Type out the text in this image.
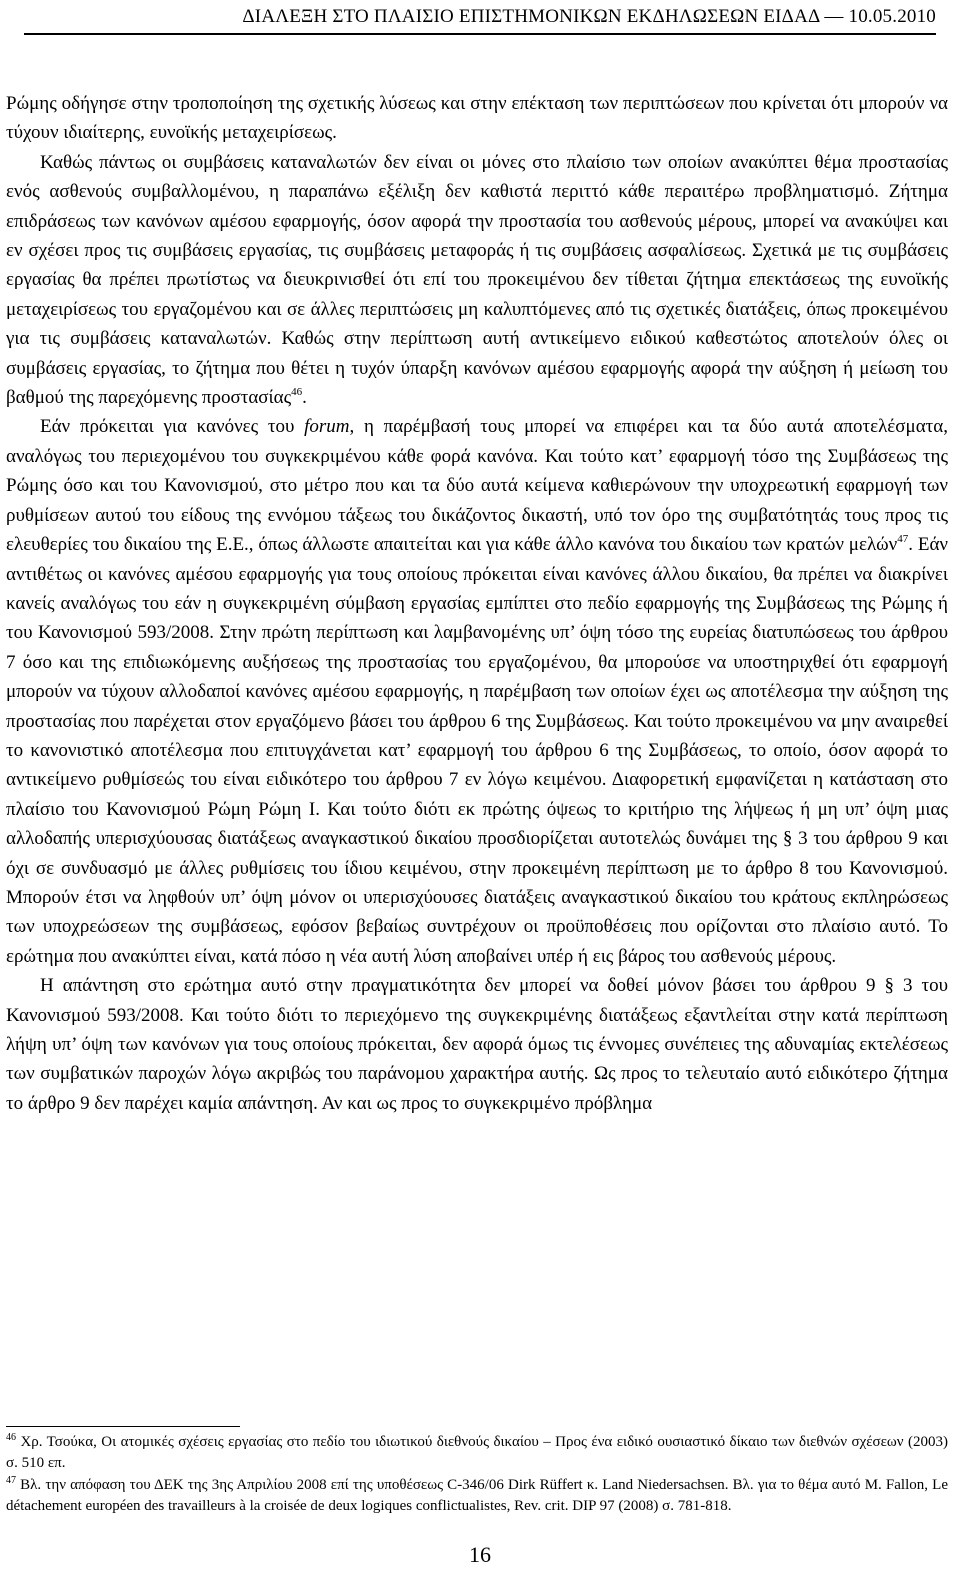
ΔΙΑΛΕΞΗ ΣΤΟ ΠΛΑΙΣΙΟ ΕΠΙΣΤΗΜΟΝΙΚΩΝ ΕΚΔΗΛΩΣΕΩΝ ΕΙΔΑΔ — 10.05.2010

Ρώμης οδήγησε στην τροποποίηση της σχετικής λύσεως και στην επέκταση των περιπτώσεων που κρίνεται ότι μπορούν να τύχουν ιδιαίτερης, ευνοϊκής μεταχειρίσεως.

Καθώς πάντως οι συμβάσεις καταναλωτών δεν είναι οι μόνες στο πλαίσιο των οποίων ανακύπτει θέμα προστασίας ενός ασθενούς συμβαλλομένου, η παραπάνω εξέλιξη δεν καθιστά περιττό κάθε περαιτέρω προβληματισμό. Ζήτημα επιδράσεως των κανόνων αμέσου εφαρμογής, όσον αφορά την προστασία του ασθενούς μέρους, μπορεί να ανακύψει και εν σχέσει προς τις συμβάσεις εργασίας, τις συμβάσεις μεταφοράς ή τις συμβάσεις ασφαλίσεως. Σχετικά με τις συμβάσεις εργασίας θα πρέπει πρωτίστως να διευκρινισθεί ότι επί του προκειμένου δεν τίθεται ζήτημα επεκτάσεως της ευνοϊκής μεταχειρίσεως του εργαζομένου και σε άλλες περιπτώσεις μη καλυπτόμενες από τις σχετικές διατάξεις, όπως προκειμένου για τις συμβάσεις καταναλωτών. Καθώς στην περίπτωση αυτή αντικείμενο ειδικού καθεστώτος αποτελούν όλες οι συμβάσεις εργασίας, το ζήτημα που θέτει η τυχόν ύπαρξη κανόνων αμέσου εφαρμογής αφορά την αύξηση ή μείωση του βαθμού της παρεχόμενης προστασίας$^{46}$.

Εάν πρόκειται για κανόνες του forum, η παρέμβασή τους μπορεί να επιφέρει και τα δύο αυτά αποτελέσματα, αναλόγως του περιεχομένου του συγκεκριμένου κάθε φορά κανόνα. Και τούτο κατ’ εφαρμογή τόσο της Συμβάσεως της Ρώμης όσο και του Κανονισμού, στο μέτρο που και τα δύο αυτά κείμενα καθιερώνουν την υποχρεωτική εφαρμογή των ρυθμίσεων αυτού του είδους της εννόμου τάξεως του δικάζοντος δικαστή, υπό τον όρο της συμβατότητάς τους προς τις ελευθερίες του δικαίου της Ε.Ε., όπως άλλωστε απαιτείται και για κάθε άλλο κανόνα του δικαίου των κρατών μελών$^{47}$. Εάν αντιθέτως οι κανόνες αμέσου εφαρμογής για τους οποίους πρόκειται είναι κανόνες άλλου δικαίου, θα πρέπει να διακρίνει κανείς αναλόγως του εάν η συγκεκριμένη σύμβαση εργασίας εμπίπτει στο πεδίο εφαρμογής της Συμβάσεως της Ρώμης ή του Κανονισμού 593/2008. Στην πρώτη περίπτωση και λαμβανομένης υπ’ όψη τόσο της ευρείας διατυπώσεως του άρθρου 7 όσο και της επιδιωκόμενης αυξήσεως της προστασίας του εργαζομένου, θα μπορούσε να υποστηριχθεί ότι εφαρμογή μπορούν να τύχουν αλλοδαποί κανόνες αμέσου εφαρμογής, η παρέμβαση των οποίων έχει ως αποτέλεσμα την αύξηση της προστασίας που παρέχεται στον εργαζόμενο βάσει του άρθρου 6 της Συμβάσεως. Και τούτο προκειμένου να μην αναιρεθεί το κανονιστικό αποτέλεσμα που επιτυγχάνεται κατ’ εφαρμογή του άρθρου 6 της Συμβάσεως, το οποίο, όσον αφορά το αντικείμενο ρυθμίσεώς του είναι ειδικότερο του άρθρου 7 εν λόγω κειμένου. Διαφορετική εμφανίζεται η κατάσταση στο πλαίσιο του Κανονισμού Ρώμη Ρώμη Ι. Και τούτο διότι εκ πρώτης όψεως το κριτήριο της λήψεως ή μη υπ’ όψη μιας αλλοδαπής υπερισχύουσας διατάξεως αναγκαστικού δικαίου προσδιορίζεται αυτοτελώς δυνάμει της § 3 του άρθρου 9 και όχι σε συνδυασμό με άλλες ρυθμίσεις του ίδιου κειμένου, στην προκειμένη περίπτωση με το άρθρο 8 του Κανονισμού. Μπορούν έτσι να ληφθούν υπ’ όψη μόνον οι υπερισχύουσες διατάξεις αναγκαστικού δικαίου του κράτους εκπληρώσεως των υποχρεώσεων της συμβάσεως, εφόσον βεβαίως συντρέχουν οι προϋποθέσεις που ορίζονται στο πλαίσιο αυτό. Το ερώτημα που ανακύπτει είναι, κατά πόσο η νέα αυτή λύση αποβαίνει υπέρ ή εις βάρος του ασθενούς μέρους.

Η απάντηση στο ερώτημα αυτό στην πραγματικότητα δεν μπορεί να δοθεί μόνον βάσει του άρθρου 9 § 3 του Κανονισμού 593/2008. Και τούτο διότι το περιεχόμενο της συγκεκριμένης διατάξεως εξαντλείται στην κατά περίπτωση λήψη υπ’ όψη των κανόνων για τους οποίους πρόκειται, δεν αφορά όμως τις έννομες συνέπειες της αδυναμίας εκτελέσεως των συμβατικών παροχών λόγω ακριβώς του παράνομου χαρακτήρα αυτής. Ως προς το τελευταίο αυτό ειδικότερο ζήτημα το άρθρο 9 δεν παρέχει καμία απάντηση. Αν και ως προς το συγκεκριμένο πρόβλημα

$^{46}$ Χρ. Τσούκα, Οι ατομικές σχέσεις εργασίας στο πεδίο του ιδιωτικού διεθνούς δικαίου – Προς ένα ειδικό ουσιαστικό δίκαιο των διεθνών σχέσεων (2003) σ. 510 επ.

$^{47}$ Βλ. την απόφαση του ΔΕΚ της 3ης Απριλίου 2008 επί της υποθέσεως C-346/06 Dirk Rüffert κ. Land Niedersachsen. Βλ. για το θέμα αυτό M. Fallon, Le détachement européen des travailleurs à la croisée de deux logiques conflictualistes, Rev. crit. DIP 97 (2008) σ. 781-818.

16
